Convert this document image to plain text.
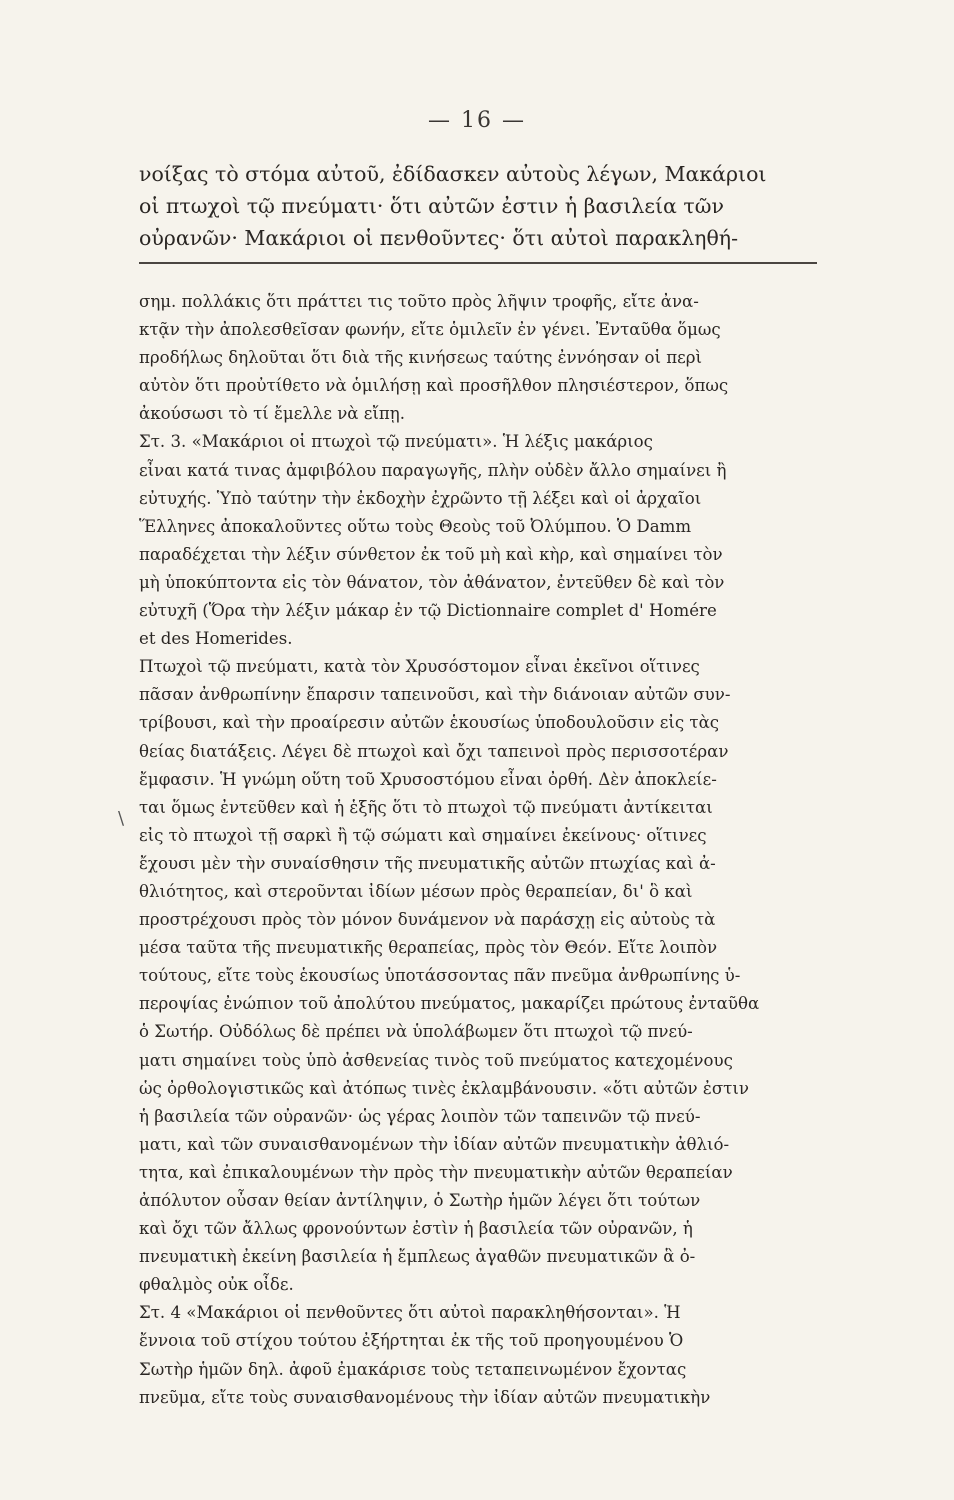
— 16 —
νοίξας τὸ στόμα αὐτοῦ, ἐδίδασκεν αὐτοὺς λέγων, Μακάριοι
οἱ πτωχοὶ τῷ πνεύματι· ὅτι αὐτῶν ἐστιν ἡ βασιλεία τῶν
οὐρανῶν· Μακάριοι οἱ πενθοῦντες· ὅτι αὐτοὶ παρακληθή-
σημ. πολλάκις ὅτι πράττει τις τοῦτο πρὸς λῆψιν τροφῆς, εἴτε ἀνα-
κτᾷν τὴν ἀπολεσθεῖσαν φωνήν, εἴτε ὁμιλεῖν ἐν γένει. Ἐνταῦθα ὅμως
προδήλως δηλοῦται ὅτι διὰ τῆς κινήσεως ταύτης ἐννόησαν οἱ περὶ
αὐτὸν ὅτι προὐτίθετο νὰ ὁμιλήσῃ καὶ προσῆλθον πλησιέστερον, ὅπως
ἀκούσωσι τὸ τί ἔμελλε νὰ εἴπῃ.
Στ. 3. «Μακάριοι οἱ πτωχοὶ τῷ πνεύματι». Ἡ λέξις μακάριος
εἶναι κατά τινας ἀμφιβόλου παραγωγῆς, πλὴν οὐδὲν ἄλλο σημαίνει ἢ
εὐτυχής. Ὑπὸ ταύτην τὴν ἐκδοχὴν ἐχρῶντο τῇ λέξει καὶ οἱ ἀρχαῖοι
Ἕλληνες ἀποκαλοῦντες οὕτω τοὺς Θεοὺς τοῦ Ὀλύμπου. Ὁ Damm
παραδέχεται τὴν λέξιν σύνθετον ἐκ τοῦ μὴ καὶ κὴρ, καὶ σημαίνει τὸν
μὴ ὑποκύπτοντα εἰς τὸν θάνατον, τὸν ἀθάνατον, ἐντεῦθεν δὲ καὶ τὸν
εὐτυχῆ (Ὅρα τὴν λέξιν μάκαρ ἐν τῷ Dictionnaire complet d' Homére
et des Homerides.
Πτωχοὶ τῷ πνεύματι, κατὰ τὸν Χρυσόστομον εἶναι ἐκεῖνοι οἵτινες
πᾶσαν ἀνθρωπίνην ἔπαρσιν ταπεινοῦσι, καὶ τὴν διάνοιαν αὐτῶν συν-
τρίβουσι, καὶ τὴν προαίρεσιν αὐτῶν ἑκουσίως ὑποδουλοῦσιν εἰς τὰς
θείας διατάξεις. Λέγει δὲ πτωχοὶ καὶ ὄχι ταπεινοὶ πρὸς περισσοτέραν
ἔμφασιν. Ἡ γνώμη οὕτη τοῦ Χρυσοστόμου εἶναι ὀρθή. Δὲν ἀποκλείε-
ται ὅμως ἐντεῦθεν καὶ ἡ ἑξῆς ὅτι τὸ πτωχοὶ τῷ πνεύματι ἀντίκειται
εἰς τὸ πτωχοὶ τῇ σαρκὶ ἢ τῷ σώματι καὶ σημαίνει ἐκείνους· οἵτινες
ἔχουσι μὲν τὴν συναίσθησιν τῆς πνευματικῆς αὐτῶν πτωχίας καὶ ἀ-
θλιότητος, καὶ στεροῦνται ἰδίων μέσων πρὸς θεραπείαν, δι' ὃ καὶ
προστρέχουσι πρὸς τὸν μόνον δυνάμενον νὰ παράσχῃ εἰς αὐτοὺς τὰ
μέσα ταῦτα τῆς πνευματικῆς θεραπείας, πρὸς τὸν Θεόν. Εἴτε λοιπὸν
τούτους, εἴτε τοὺς ἑκουσίως ὑποτάσσοντας πᾶν πνεῦμα ἀνθρωπίνης ὑ-
περοψίας ἐνώπιον τοῦ ἀπολύτου πνεύματος, μακαρίζει πρώτους ἐνταῦθα
ὁ Σωτήρ. Οὐδόλως δὲ πρέπει νὰ ὑπολάβωμεν ὅτι πτωχοὶ τῷ πνεύ-
ματι σημαίνει τοὺς ὑπὸ ἀσθενείας τινὸς τοῦ πνεύματος κατεχομένους
ὡς ὀρθολογιστικῶς καὶ ἀτόπως τινὲς ἐκλαμβάνουσιν. «ὅτι αὐτῶν ἐστιν
ἡ βασιλεία τῶν οὐρανῶν· ὡς γέρας λοιπὸν τῶν ταπεινῶν τῷ πνεύ-
ματι, καὶ τῶν συναισθανομένων τὴν ἰδίαν αὐτῶν πνευματικὴν ἀθλιό-
τητα, καὶ ἐπικαλουμένων τὴν πρὸς τὴν πνευματικὴν αὐτῶν θεραπείαν
ἀπόλυτον οὖσαν θείαν ἀντίληψιν, ὁ Σωτὴρ ἡμῶν λέγει ὅτι τούτων
καὶ ὄχι τῶν ἄλλως φρονούντων ἐστὶν ἡ βασιλεία τῶν οὐρανῶν, ἡ
πνευματικὴ ἐκείνη βασιλεία ἡ ἔμπλεως ἀγαθῶν πνευματικῶν ἃ ὀ-
φθαλμὸς οὐκ οἶδε.
Στ. 4 «Μακάριοι οἱ πενθοῦντες ὅτι αὐτοὶ παρακληθήσονται». Ἡ
ἔννοια τοῦ στίχου τούτου ἐξήρτηται ἐκ τῆς τοῦ προηγουμένου Ὁ
Σωτὴρ ἡμῶν δηλ. ἀφοῦ ἐμακάρισε τοὺς τεταπεινωμένον ἔχοντας
πνεῦμα, εἴτε τοὺς συναισθανομένους τὴν ἰδίαν αὐτῶν πνευματικὴν
\
